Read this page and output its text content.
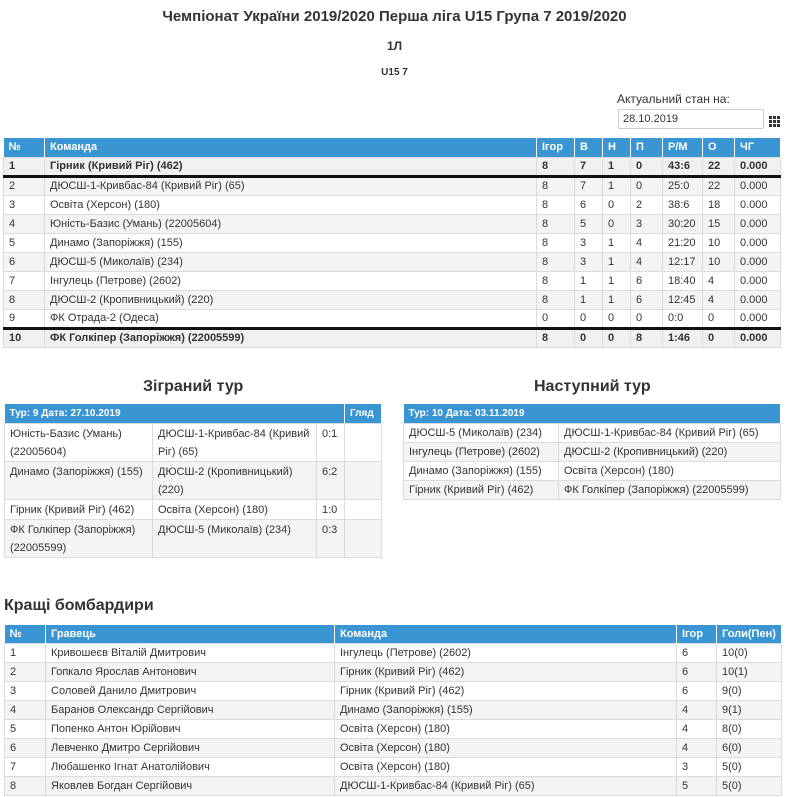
Чемпіонат України 2019/2020 Перша ліга U15 Група 7 2019/2020
1Л
U15 7
Актуальний стан на:
28.10.2019
№	Команда	Ігор	В	Н	П	Р/М	О	ЧГ
1	Гірник (Кривий Ріг) (462)	8	7	1	0	43:6	22	0.000
2	ДЮСШ-1-Кривбас-84 (Кривий Ріг) (65)	8	7	1	0	25:0	22	0.000
3	Освіта (Херсон) (180)	8	6	0	2	38:6	18	0.000
4	Юність-Базис (Умань) (22005604)	8	5	0	3	30:20	15	0.000
5	Динамо (Запоріжжя) (155)	8	3	1	4	21:20	10	0.000
6	ДЮСШ-5 (Миколаїв) (234)	8	3	1	4	12:17	10	0.000
7	Інгулець (Петрове) (2602)	8	1	1	6	18:40	4	0.000
8	ДЮСШ-2 (Кропивницький) (220)	8	1	1	6	12:45	4	0.000
9	ФК Отрада-2 (Одеса)	0	0	0	0	0:0	0	0.000
10	ФК Голкіпер (Запоріжжя) (22005599)	8	0	0	8	1:46	0	0.000
Зіграний тур	Наступний тур
Тур: 9 Дата: 27.10.2019			Гляд
Юність-Базис (Умань) (22005604)	ДЮСШ-1-Кривбас-84 (Кривий Ріг) (65)	0:1	
Динамо (Запоріжжя) (155)	ДЮСШ-2 (Кропивницький) (220)	6:2	
Гірник (Кривий Ріг) (462)	Освіта (Херсон) (180)	1:0	
ФК Голкіпер (Запоріжжя) (22005599)	ДЮСШ-5 (Миколаїв) (234)	0:3	
Тур: 10 Дата: 03.11.2019	
ДЮСШ-5 (Миколаїв) (234)	ДЮСШ-1-Кривбас-84 (Кривий Ріг) (65)
Інгулець (Петрове) (2602)	ДЮСШ-2 (Кропивницький) (220)
Динамо (Запоріжжя) (155)	Освіта (Херсон) (180)
Гірник (Кривий Ріг) (462)	ФК Голкіпер (Запоріжжя) (22005599)
Кращі бомбардири
№	Гравець	Команда	Ігор	Голи(Пен)
1	Кривошеєв Віталій Дмитрович	Інгулець (Петрове) (2602)	6	10(0)
2	Гопкало Ярослав Антонович	Гірник (Кривий Ріг) (462)	6	10(1)
3	Соловей Данило Дмитрович	Гірник (Кривий Ріг) (462)	6	9(0)
4	Баранов Олександр Сергійович	Динамо (Запоріжжя) (155)	4	9(1)
5	Попенко Антон Юрійович	Освіта (Херсон) (180)	4	8(0)
6	Левченко Дмитро Сергійович	Освіта (Херсон) (180)	4	6(0)
7	Любашенко Ігнат Анатолійович	Освіта (Херсон) (180)	3	5(0)
8	Яковлев Богдан Сергійович	ДЮСШ-1-Кривбас-84 (Кривий Ріг) (65)	5	5(0)
